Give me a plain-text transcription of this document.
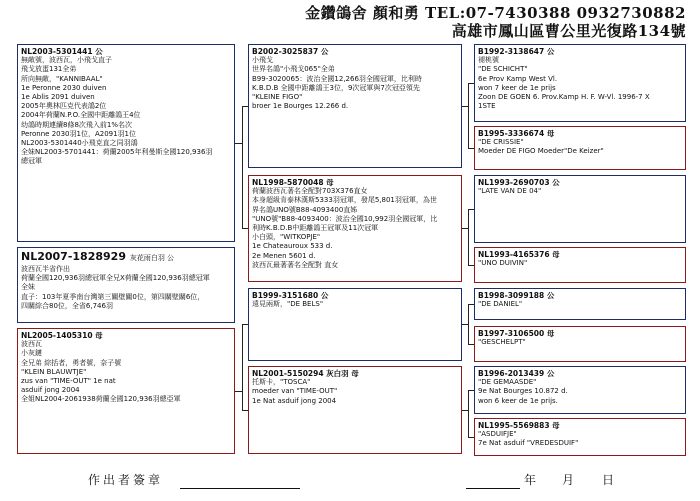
金鑽鴿舍 顏和勇 TEL:07-7430388 0932730882
高雄市鳳山區曹公里光復路134號
NL2003-5301441 公
無敵號，波西瓦，小飛戈直子
飛戈放蛋131全弟
所向無敵，"KANNIBAAL"
1e Peronne 2030 duiven
1e Ablis 2091 duiven
2005年奧林匹克代表鴿2位
2004年荷蘭N.P.O.全國中距離鴿王4位
幼鴿時期連續8條8次飛入前1%名次
Peronne 2030羽1位，A2091羽1位
NL2003-5301440小飛克直之同羽鴿
全妹NL2003-5701441：荷蘭2005年利曼斯全國120,936羽
總冠軍
NL2007-1828929 灰花雨白羽 公
波西瓦半省作出
荷蘭全國120,936羽總冠軍全兄X荷蘭全國120,936羽總冠軍
全妹
直子：103年夏季南台灣第三關壁關0位，第四關壁關6位，
四關綜合80位，全省6,746羽
NL2005-1405310 母
波西瓦
小灰鏈
全兄弟 綜括者，勇者號，奈子號
"KLEIN BLAUWTJE"
zus van "TIME-OUT" 1e nat
asduif jong 2004
全姐NL2004-2061938荷蘭全國120,936羽總亞軍
B2002-3025837 公
小飛戈
世界名鴿"小飛戈065"全弟
B99-3020065：波治全國12,266羽全國冠軍，比利時
K.B.D.B 全國中距離鴿王3位，9次冠軍與7次冠亞領先
"KLEINE FIGO"
broer 1e Bourges 12.266 d.
NL1998-5870048 母
荷蘭波西瓦著名全配對703X376直女
本身超級肯泰林漢斯5333羽冠軍，發尾5,801羽冠軍，為世
界名鴿UNO號B88-4093400直姊
"UNO號"B88-4093400：波治全國10,992羽全國冠軍，比
利時K.B.D.B中距離鴿王冠軍及11次冠軍
小白頭，"WITKOPJE"
1e Chateauroux 533 d.
2e Menen 5601 d.
波西瓦最著著名全配對 直女
B1999-3151680 公
遠見兩斯，"DE BELS"
NL2001-5150294 灰白羽 母
托斯卡，"TOSCA"
moeder van "TIME-OUT"
1e Nat asduif jong 2004
B1992-3138647 公
褪桃號
"DE SCHICHT"
6e Prov Kamp West Vl.
won 7 keer de 1e prijs
Zoon DE GOEN 6. Prov.Kamp H. F. W-Vl. 1996-7 X
1STE
B1995-3336674 母
"DE CRISSIE"
Moeder DE FIGO Moeder"De Keizer"
NL1993-2690703 公
"LATE VAN DE 04"
NL1993-4165376 母
"UNO DUIVIN"
B1998-3099188 公
"DE DANIEL"
B1997-3106500 母
"GESCHELPT"
B1996-2013439 公
"DE GEMAASDE"
9e Nat Bourges 10.872 d.
won 6 keer de 1e prijs.
NL1995-5569883 母
"ASDUIFJE"
7e Nat asduif "VREDESDUIF"
作出者簽章	年 月 日
